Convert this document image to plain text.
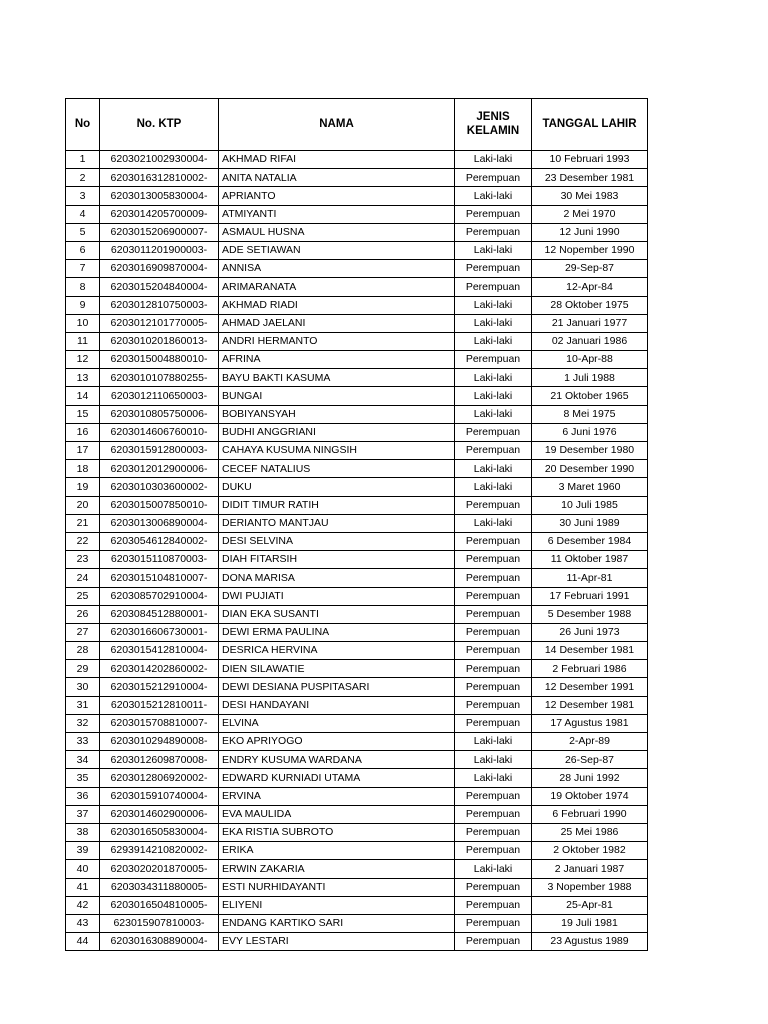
No	No. KTP	NAMA	JENIS KELAMIN	TANGGAL LAHIR
1	6203021002930004-	AKHMAD RIFAI	Laki-laki	10 Februari 1993
2	6203016312810002-	ANITA NATALIA	Perempuan	23 Desember 1981
3	6203013005830004-	APRIANTO	Laki-laki	30 Mei 1983
4	6203014205700009-	ATMIYANTI	Perempuan	2 Mei 1970
5	6203015206900007-	ASMAUL HUSNA	Perempuan	12 Juni 1990
6	6203011201900003-	ADE SETIAWAN	Laki-laki	12 Nopember 1990
7	6203016909870004-	ANNISA	Perempuan	29-Sep-87
8	6203015204840004-	ARIMARANATA	Perempuan	12-Apr-84
9	6203012810750003-	AKHMAD RIADI	Laki-laki	28 Oktober 1975
10	6203012101770005-	AHMAD JAELANI	Laki-laki	21 Januari 1977
11	6203010201860013-	ANDRI HERMANTO	Laki-laki	02 Januari 1986
12	6203015004880010-	AFRINA	Perempuan	10-Apr-88
13	6203010107880255-	BAYU BAKTI KASUMA	Laki-laki	1 Juli 1988
14	6203012110650003-	BUNGAI	Laki-laki	21 Oktober 1965
15	6203010805750006-	BOBIYANSYAH	Laki-laki	8 Mei 1975
16	6203014606760010-	BUDHI ANGGRIANI	Perempuan	6 Juni 1976
17	6203015912800003-	CAHAYA KUSUMA NINGSIH	Perempuan	19 Desember 1980
18	6203012012900006-	CECEF NATALIUS	Laki-laki	20 Desember 1990
19	6203010303600002-	DUKU	Laki-laki	3 Maret 1960
20	6203015007850010-	DIDIT TIMUR RATIH	Perempuan	10 Juli 1985
21	6203013006890004-	DERIANTO MANTJAU	Laki-laki	30 Juni 1989
22	6203054612840002-	DESI SELVINA	Perempuan	6 Desember 1984
23	6203015110870003-	DIAH FITARSIH	Perempuan	11 Oktober 1987
24	6203015104810007-	DONA MARISA	Perempuan	11-Apr-81
25	6203085702910004-	DWI PUJIATI	Perempuan	17 Februari 1991
26	6203084512880001-	DIAN EKA SUSANTI	Perempuan	5 Desember 1988
27	6203016606730001-	DEWI ERMA PAULINA	Perempuan	26 Juni 1973
28	6203015412810004-	DESRICA HERVINA	Perempuan	14 Desember 1981
29	6203014202860002-	DIEN SILAWATIE	Perempuan	2 Februari 1986
30	6203015212910004-	DEWI DESIANA PUSPITASARI	Perempuan	12 Desember 1991
31	6203015212810011-	DESI HANDAYANI	Perempuan	12 Desember 1981
32	6203015708810007-	ELVINA	Perempuan	17 Agustus 1981
33	6203010294890008-	EKO APRIYOGO	Laki-laki	2-Apr-89
34	6203012609870008-	ENDRY KUSUMA WARDANA	Laki-laki	26-Sep-87
35	6203012806920002-	EDWARD KURNIADI UTAMA	Laki-laki	28 Juni 1992
36	6203015910740004-	ERVINA	Perempuan	19 Oktober 1974
37	6203014602900006-	EVA MAULIDA	Perempuan	6 Februari 1990
38	6203016505830004-	EKA RISTIA SUBROTO	Perempuan	25 Mei 1986
39	6293914210820002-	ERIKA	Perempuan	2 Oktober 1982
40	6203020201870005-	ERWIN ZAKARIA	Laki-laki	2 Januari 1987
41	6203034311880005-	ESTI NURHIDAYANTI	Perempuan	3 Nopember 1988
42	6203016504810005-	ELIYENI	Perempuan	25-Apr-81
43	623015907810003-	ENDANG KARTIKO SARI	Perempuan	19 Juli 1981
44	6203016308890004-	EVY LESTARI	Perempuan	23 Agustus 1989
